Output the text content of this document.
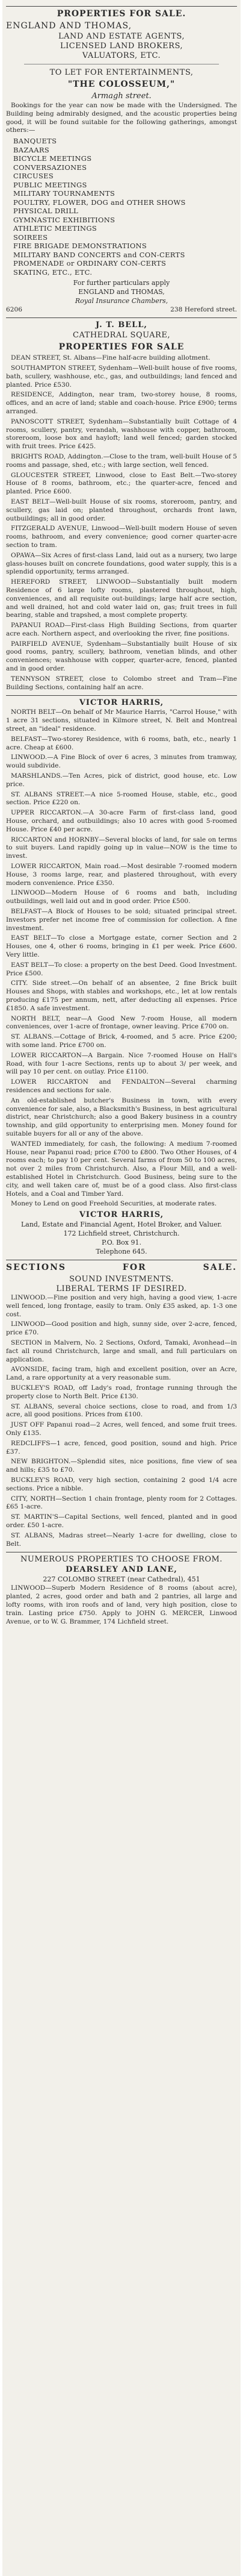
PROPERTIES FOR SALE.
ENGLAND AND THOMAS,
LAND AND ESTATE AGENTS,
LICENSED LAND BROKERS,
VALUATORS, ETC.
TO LET FOR ENTERTAINMENTS,
"THE COLOSSEUM,"
Armagh street.

Bookings for the year can now be made with the Undersigned. The Building being admirably designed, and the acoustic properties being good, it will be found suitable for the following gatherings, amongst others:—

BANQUETS
BAZAARS
BICYCLE MEETINGS
CONVERSAZIONES
CIRCUSES
PUBLIC MEETINGS
MILITARY TOURNAMENTS
POULTRY, FLOWER, DOG and OTHER SHOWS
PHYSICAL DRILL
GYMNASTIC EXHIBITIONS
ATHLETIC MEETINGS
SOIREES
FIRE BRIGADE DEMONSTRATIONS
MILITARY BAND CONCERTS and CON-CERTS
PROMENADE or ORDINARY CON-CERTS
SKATING, ETC., ETC.
For further particulars apply
ENGLAND and THOMAS,
Royal Insurance Chambers,
6206	238 Hereford street.
J. T. BELL,
CATHEDRAL SQUARE,
PROPERTIES FOR SALE

DEAN STREET, St. Albans—Fine half-acre building allotment.

SOUTHAMPTON STREET, Sydenham—Well-built house of five rooms, bath, scullery, washhouse, etc., gas, and outbuildings; land fenced and planted. Price £530.

RESIDENCE, Addington, near tram, two-storey house, 8 rooms, offices, and an acre of land; stable and coach-house. Price £900; terms arranged.

PANOSCOTT STREET, Sydenham—Substantially built Cottage of 4 rooms, scullery, pantry, verandah, washhouse with copper, bathroom, storeroom, loose box and hayloft; land well fenced; garden stocked with fruit trees. Price £425.

BRIGHTS ROAD, Addington.—Close to the tram, well-built House of 5 rooms and passage, shed, etc.; with large section, well fenced.

GLOUCESTER STREET, Linwood, close to East Belt.—Two-storey House of 8 rooms, bathroom, etc.; the quarter-acre, fenced and planted. Price £600.

EAST BELT—Well-built House of six rooms, storeroom, pantry, and scullery, gas laid on; planted throughout, orchards front lawn, outbuildings; all in good order.

FITZGERALD AVENUE, Linwood—Well-built modern House of seven rooms, bathroom, and every convenience; good corner quarter-acre section to tram.

OPAWA—Six Acres of first-class Land, laid out as a nursery, two large glass-houses built on concrete foundations, good water supply, this is a splendid opportunity, terms arranged.

HEREFORD STREET, LINWOOD—Substantially built modern Residence of 6 large lofty rooms, plastered throughout, high, conveniences, and all requisite out-buildings; large half acre section, and well drained, hot and cold water laid on, gas; fruit trees in full bearing, stable and trapshed, a most complete property.

PAPANUI ROAD—First-class High Building Sections, from quarter acre each. Northern aspect, and overlooking the river, fine positions.

PAIRFIELD AVENUE, Sydenham—Substantially built House of six good rooms, pantry, scullery, bathroom, venetian blinds, and other conveniences; washhouse with copper, quarter-acre, fenced, planted and in good order.

TENNYSON STREET, close to Colombo street and Tram—Fine Building Sections, containing half an acre.

VICTOR HARRIS,

NORTH BELT—On behalf of Mr Maurice Harris, "Carrol House," with 1 acre 31 sections, situated in Kilmore street, N. Belt and Montreal street, an "ideal" residence.

BELFAST—Two-storey Residence, with 6 rooms, bath, etc., nearly 1 acre. Cheap at £600.

LINWOOD.—A Fine Block of over 6 acres, 3 minutes from tramway, would subdivide.

MARSHLANDS.—Ten Acres, pick of district, good house, etc. Low price.

ST. ALBANS STREET.—A nice 5-roomed House, stable, etc., good section. Price £220 on.

UPPER RICCARTON.—A 30-acre Farm of first-class land, good House, orchard, and outbuildings; also 10 acres with good 5-roomed House. Price £40 per acre.

RICCARTON and HORNBY—Several blocks of land, for sale on terms to suit buyers. Land rapidly going up in value—NOW is the time to invest.

LOWER RICCARTON, Main road.—Most desirable 7-roomed modern House, 3 rooms large, rear, and plastered throughout, with every modern convenience. Price £350.

LINWOOD—Modern House of 6 rooms and bath, including outbuildings, well laid out and in good order. Price £500.

BELFAST—A Block of Houses to be sold; situated principal street. Investors prefer net income free of commission for collection. A fine investment.

EAST BELT—To close a Mortgage estate, corner Section and 2 Houses, one 4, other 6 rooms, bringing in £1 per week. Price £600. Very little.

EAST BELT—To close: a property on the best Deed. Good Investment. Price £500.

CITY. Side street.—On behalf of an absentee, 2 fine Brick built Houses and Shops, with stables and workshops, etc., let at low rentals producing £175 per annum, nett, after deducting all expenses. Price £1850. A safe investment.

NORTH BELT, near—A Good New 7-room House, all modern conveniences, over 1-acre of frontage, owner leaving. Price £700 on.

ST. ALBANS.—Cottage of Brick, 4-roomed, and 5 acre. Price £200; with some land. Price £700 on.

LOWER RICCARTON—A Bargain. Nice 7-roomed House on Hall's Road, with four 1-acre Sections, rents up to about 3/ per week, and will pay 10 per cent. on outlay. Price £1100.

LOWER RICCARTON and FENDALTON—Several charming residences and sections for sale.

An old-established butcher's Business in town, with every convenience for sale, also, a Blacksmith's Business, in best agricultural district, near Christchurch; also a good Bakery business in a country township, and gild opportunity to enterprising men. Money found for suitable buyers for all or any of the above.

WANTED immediately, for cash, the following: A medium 7-roomed House, near Papanui road; price £700 to £800. Two Other Houses, of 4 rooms each; to pay 10 per cent. Several farms of from 50 to 100 acres, not over 2 miles from Christchurch. Also, a Flour Mill, and a well-established Hotel in Christchurch. Good Business, being sure to the city, and well taken care of, must be of a good class. Also first-class Hotels, and a Coal and Timber Yard.

Money to Lend on good Freehold Securities, at moderate rates.

VICTOR HARRIS,
Land, Estate and Financial Agent, Hotel Broker, and Valuer.
172 Lichfield street, Christchurch.
P.O. Box 91.
Telephone 645.
SECTIONS	FOR	SALE.
SOUND INVESTMENTS.
LIBERAL TERMS IF DESIRED.

LINWOOD.—Fine position and very high, having a good view, 1-acre well fenced, long frontage, easily to tram. Only £35 asked, ap. 1-3 one cost.

LINWOOD—Good position and high, sunny side, over 2-acre, fenced, price £70.

SECTION in Malvern, No. 2 Sections, Oxford, Tamaki, Avonhead—in fact all round Christchurch, large and small, and full particulars on application.

AVONSIDE, facing tram, high and excellent position, over an Acre, Land, a rare opportunity at a very reasonable sum.

BUCKLEY'S ROAD, off Lady's road, frontage running through the property close to North Belt. Price £130.

ST. ALBANS, several choice sections, close to road, and from 1/3 acre, all good positions. Prices from £100.

JUST OFF Papanui road—2 Acres, well fenced, and some fruit trees. Only £135.

REDCLIFFS—1 acre, fenced, good position, sound and high. Price £37.

NEW BRIGHTON.—Splendid sites, nice positions, fine view of sea and hills; £35 to £70.

BUCKLEY'S ROAD, very high section, containing 2 good 1/4 acre sections. Price a nibble.

CITY, NORTH—Section 1 chain frontage, plenty room for 2 Cottages. £65 1-acre.

ST. MARTIN'S—Capital Sections, well fenced, planted and in good order. £50 1-acre.

ST. ALBANS, Madras street—Nearly 1-acre for dwelling, close to Belt.

NUMEROUS PROPERTIES TO CHOOSE FROM.
DEARSLEY AND LANE,
227 COLOMBO STREET (near Cathedral), 451

LINWOOD—Superb Modern Residence of 8 rooms (about acre), planted, 2 acres, good order and bath and 2 pantries, all large and lofty rooms, with iron roofs and of land, very high position, close to train. Lasting price £750. Apply to JOHN G. MERCER, Linwood Avenue, or to W. G. Brammer, 174 Lichfield street.
